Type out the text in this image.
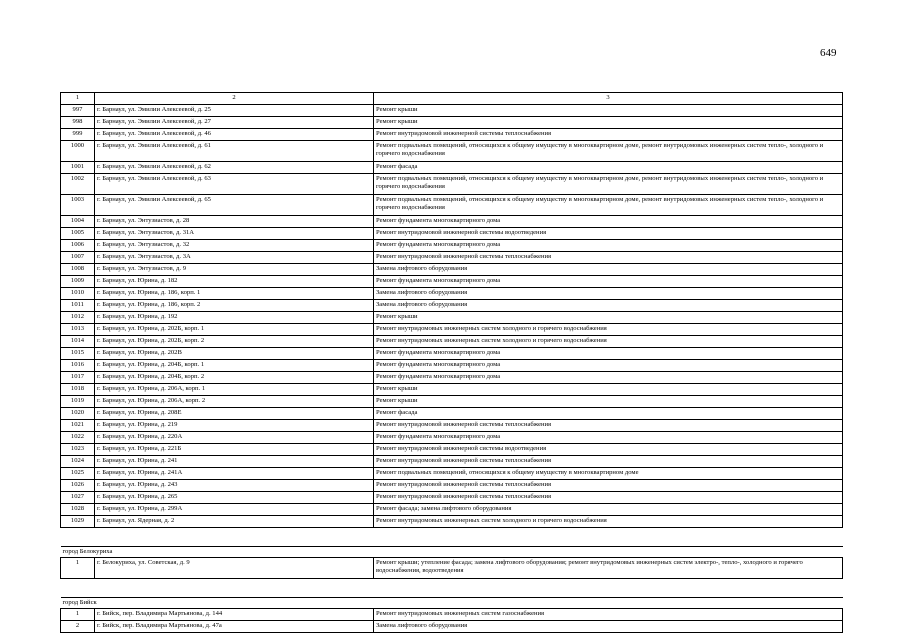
649
1	2	3
997	г. Барнаул, ул. Эмилии Алексеевой, д. 25	Ремонт крыши
998	г. Барнаул, ул. Эмилии Алексеевой, д. 27	Ремонт крыши
999	г. Барнаул, ул. Эмилии Алексеевой, д. 46	Ремонт внутридомовой инженерной системы теплоснабжения
1000	г. Барнаул, ул. Эмилии Алексеевой, д. 61	Ремонт подвальных помещений, относящихся к общему имуществу в многоквартирном доме, ремонт внутридомовых инженерных систем тепло-, холодного и горячего водоснабжения
1001	г. Барнаул, ул. Эмилии Алексеевой, д. 62	Ремонт фасада
1002	г. Барнаул, ул. Эмилии Алексеевой, д. 63	Ремонт подвальных помещений, относящихся к общему имуществу в многоквартирном доме, ремонт внутридомовых инженерных систем тепло-, холодного и горячего водоснабжения
1003	г. Барнаул, ул. Эмилии Алексеевой, д. 65	Ремонт подвальных помещений, относящихся к общему имуществу в многоквартирном доме, ремонт внутридомовых инженерных систем тепло-, холодного и горячего водоснабжения
1004	г. Барнаул, ул. Энтузиастов, д. 28	Ремонт фундамента многоквартирного дома
1005	г. Барнаул, ул. Энтузиастов, д. 31А	Ремонт внутридомовой инженерной системы водоотведения
1006	г. Барнаул, ул. Энтузиастов, д. 32	Ремонт фундамента многоквартирного дома
1007	г. Барнаул, ул. Энтузиастов, д. 3А	Ремонт внутридомовой инженерной системы теплоснабжения
1008	г. Барнаул, ул. Энтузиастов, д. 9	Замена лифтового оборудования
1009	г. Барнаул, ул. Юрина, д. 182	Ремонт фундамента многоквартирного дома
1010	г. Барнаул, ул. Юрина, д. 186, корп. 1	Замена лифтового оборудования
1011	г. Барнаул, ул. Юрина, д. 186, корп. 2	Замена лифтового оборудования
1012	г. Барнаул, ул. Юрина, д. 192	Ремонт крыши
1013	г. Барнаул, ул. Юрина, д. 202Б, корп. 1	Ремонт внутридомовых инженерных систем холодного и горячего водоснабжения
1014	г. Барнаул, ул. Юрина, д. 202Б, корп. 2	Ремонт внутридомовых инженерных систем холодного и горячего водоснабжения
1015	г. Барнаул, ул. Юрина, д. 202В	Ремонт фундамента многоквартирного дома
1016	г. Барнаул, ул. Юрина, д. 204Б, корп. 1	Ремонт фундамента многоквартирного дома
1017	г. Барнаул, ул. Юрина, д. 204Б, корп. 2	Ремонт фундамента многоквартирного дома
1018	г. Барнаул, ул. Юрина, д. 206А, корп. 1	Ремонт крыши
1019	г. Барнаул, ул. Юрина, д. 206А, корп. 2	Ремонт крыши
1020	г. Барнаул, ул. Юрина, д. 208Е	Ремонт фасада
1021	г. Барнаул, ул. Юрина, д. 219	Ремонт внутридомовой инженерной системы теплоснабжения
1022	г. Барнаул, ул. Юрина, д. 220А	Ремонт фундамента многоквартирного дома
1023	г. Барнаул, ул. Юрина, д. 221Б	Ремонт внутридомовой инженерной системы водоотведения
1024	г. Барнаул, ул. Юрина, д. 241	Ремонт внутридомовой инженерной системы теплоснабжения
1025	г. Барнаул, ул. Юрина, д. 241А	Ремонт подвальных помещений, относящихся к общему имуществу в многоквартирном доме
1026	г. Барнаул, ул. Юрина, д. 243	Ремонт внутридомовой инженерной системы теплоснабжения
1027	г. Барнаул, ул. Юрина, д. 265	Ремонт внутридомовой инженерной системы теплоснабжения
1028	г. Барнаул, ул. Юрина, д. 299А	Ремонт фасада; замена лифтового оборудования
1029	г. Барнаул, ул. Ядерная, д. 2	Ремонт внутридомовых инженерных систем холодного и горячего водоснабжения

город Белокуриха		
1	г. Белокуриха, ул. Советская, д. 9	Ремонт крыши; утепление фасада; замена лифтового оборудования; ремонт внутридомовых инженерных систем электро-, тепло-, холодного и горячего водоснабжения, водоотведения

город Бийск		
1	г. Бийск, пер. Владимира Мартьянова, д. 144	Ремонт внутридомовых инженерных систем газоснабжения
2	г. Бийск, пер. Владимира Мартьянова, д. 47а	Замена лифтового оборудования
